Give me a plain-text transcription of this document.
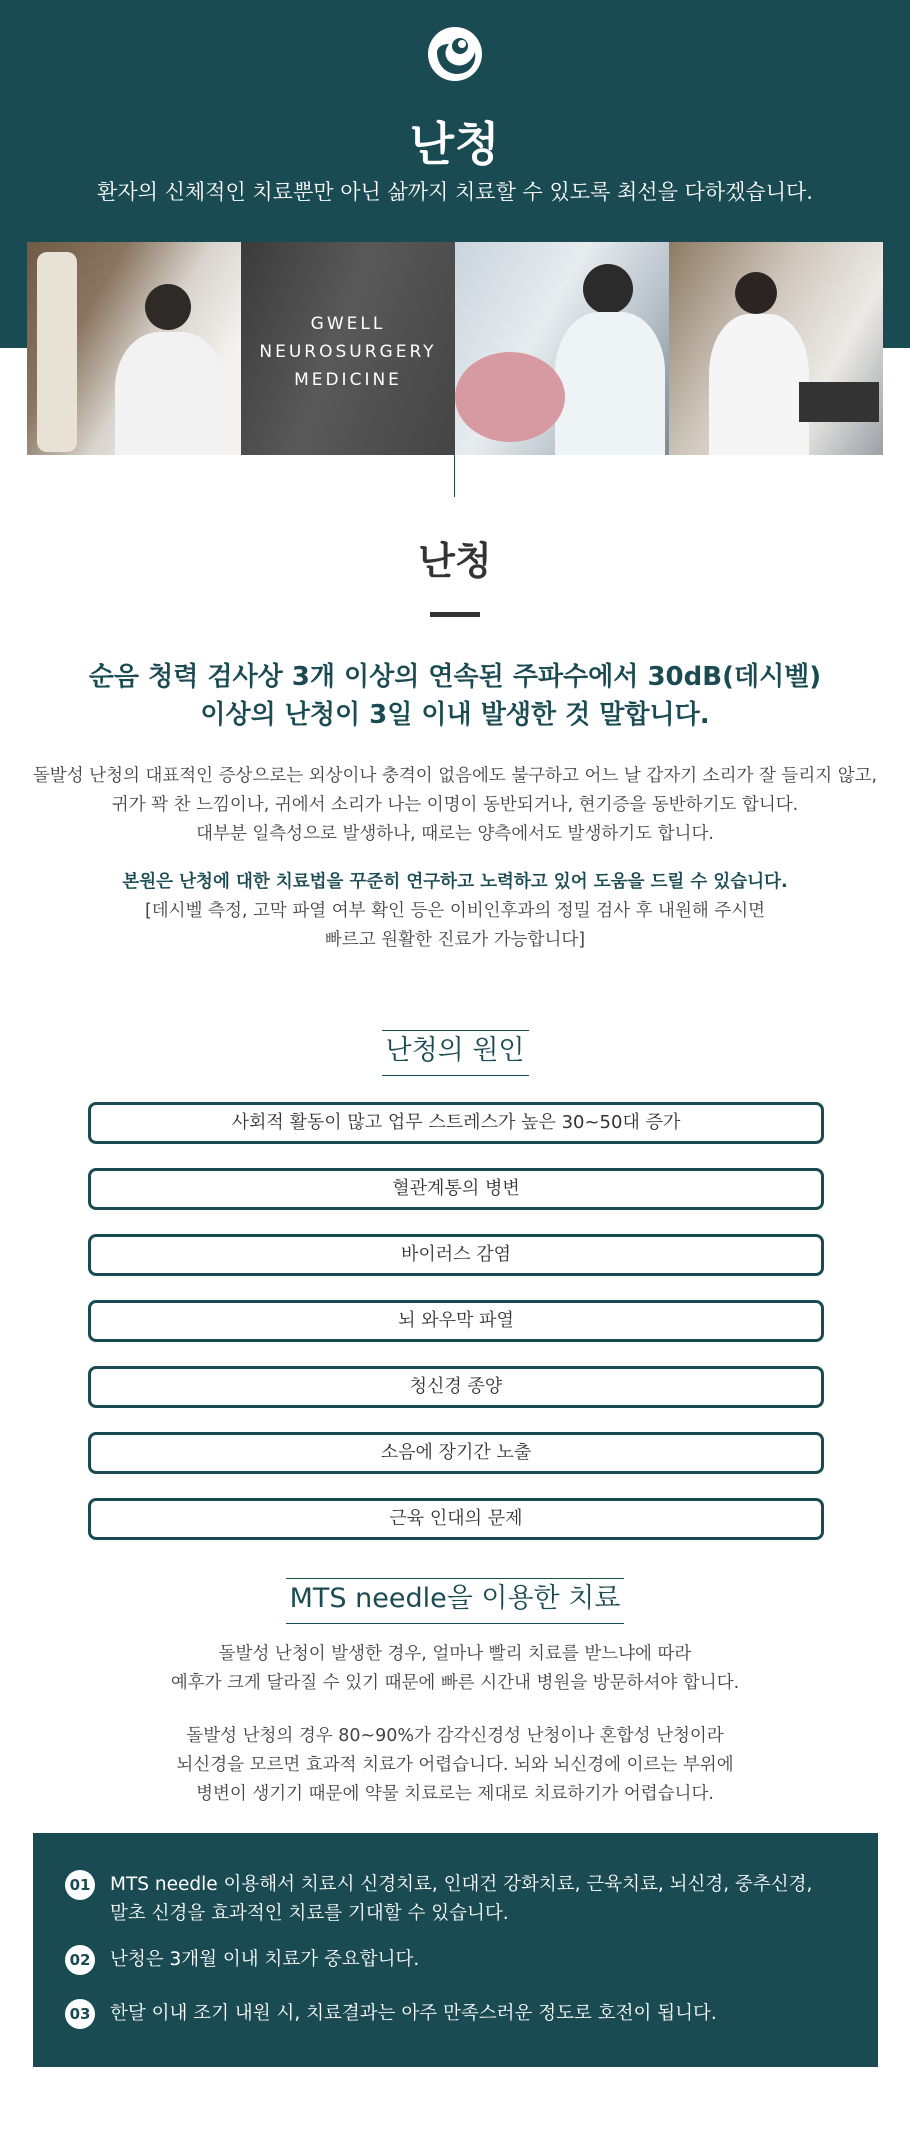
난청
환자의 신체적인 치료뿐만 아닌 삶까지 치료할 수 있도록 최선을 다하겠습니다.
GWELL
NEUROSURGERY
MEDICINE
난청
순음 청력 검사상 3개 이상의 연속된 주파수에서 30dB(데시벨)
이상의 난청이 3일 이내 발생한 것 말합니다.
돌발성 난청의 대표적인 증상으로는 외상이나 충격이 없음에도 불구하고 어느 날 갑자기 소리가 잘 들리지 않고,
귀가 꽉 찬 느낌이나, 귀에서 소리가 나는 이명이 동반되거나, 현기증을 동반하기도 합니다.
대부분 일측성으로 발생하나, 때로는 양측에서도 발생하기도 합니다.
본원은 난청에 대한 치료법을 꾸준히 연구하고 노력하고 있어 도움을 드릴 수 있습니다.
[데시벨 측정, 고막 파열 여부 확인 등은 이비인후과의 정밀 검사 후 내원해 주시면
빠르고 원활한 진료가 가능합니다]
난청의 원인
사회적 활동이 많고 업무 스트레스가 높은 30~50대 증가
혈관계통의 병변
바이러스 감염
뇌 와우막 파열
청신경 종양
소음에 장기간 노출
근육 인대의 문제
MTS needle을 이용한 치료
돌발성 난청이 발생한 경우, 얼마나 빨리 치료를 받느냐에 따라
예후가 크게 달라질 수 있기 때문에 빠른 시간내 병원을 방문하셔야 합니다.
돌발성 난청의 경우 80~90%가 감각신경성 난청이나 혼합성 난청이라
뇌신경을 모르면 효과적 치료가 어렵습니다. 뇌와 뇌신경에 이르는 부위에
병변이 생기기 때문에 약물 치료로는 제대로 치료하기가 어렵습니다.
01 MTS needle 이용해서 치료시 신경치료, 인대건 강화치료, 근육치료, 뇌신경, 중추신경,
말초 신경을 효과적인 치료를 기대할 수 있습니다.
02 난청은 3개월 이내 치료가 중요합니다.
03 한달 이내 조기 내원 시, 치료결과는 아주 만족스러운 정도로 호전이 됩니다.
